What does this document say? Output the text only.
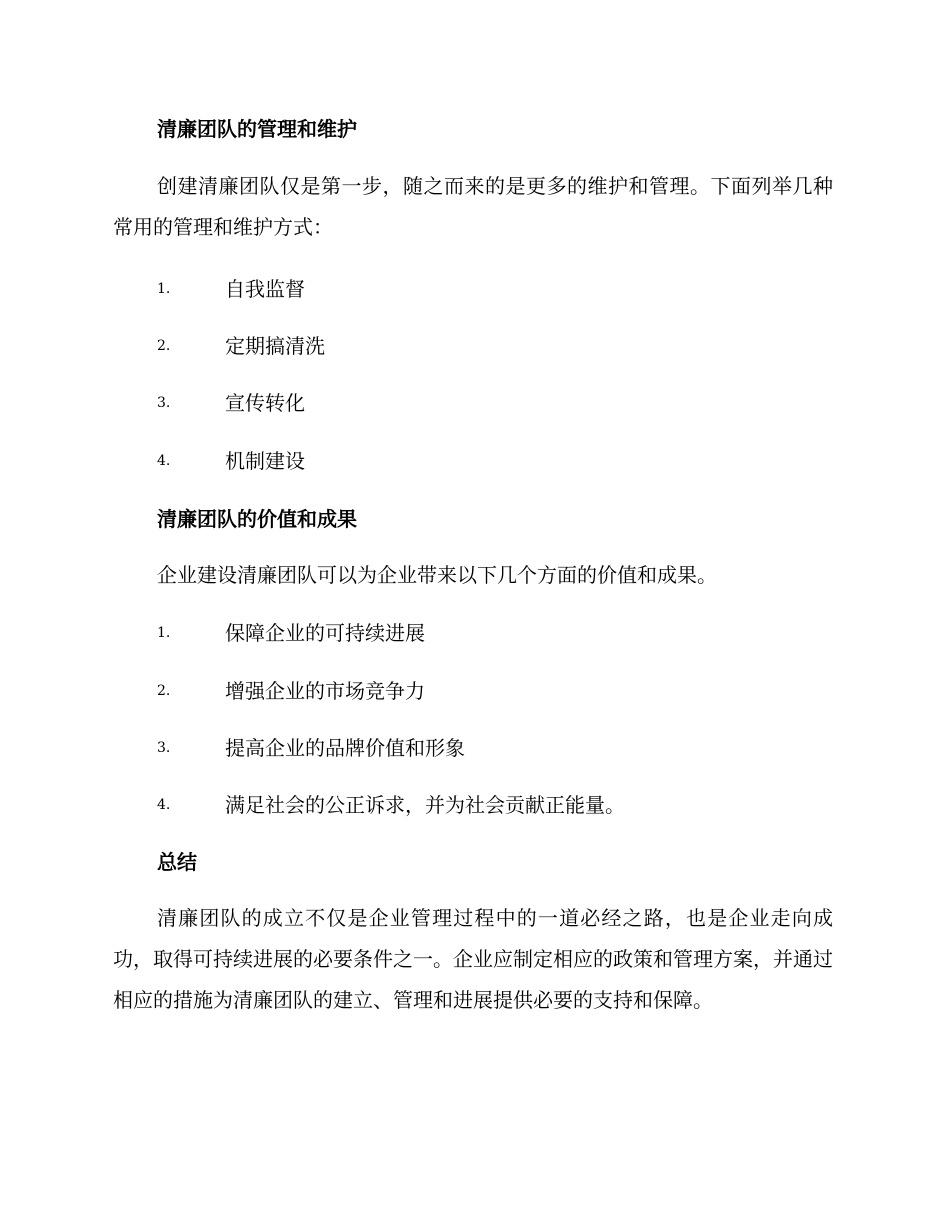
清廉团队的管理和维护
创建清廉团队仅是第一步，随之而来的是更多的维护和管理。下面列举几种常用的管理和维护方式：
1.	自我监督
2.	定期搞清洗
3.	宣传转化
4.	机制建设
清廉团队的价值和成果
企业建设清廉团队可以为企业带来以下几个方面的价值和成果。
1.	保障企业的可持续进展
2.	增强企业的市场竞争力
3.	提高企业的品牌价值和形象
4.	满足社会的公正诉求，并为社会贡献正能量。
总结
清廉团队的成立不仅是企业管理过程中的一道必经之路，也是企业走向成功，取得可持续进展的必要条件之一。企业应制定相应的政策和管理方案，并通过相应的措施为清廉团队的建立、管理和进展提供必要的支持和保障。
